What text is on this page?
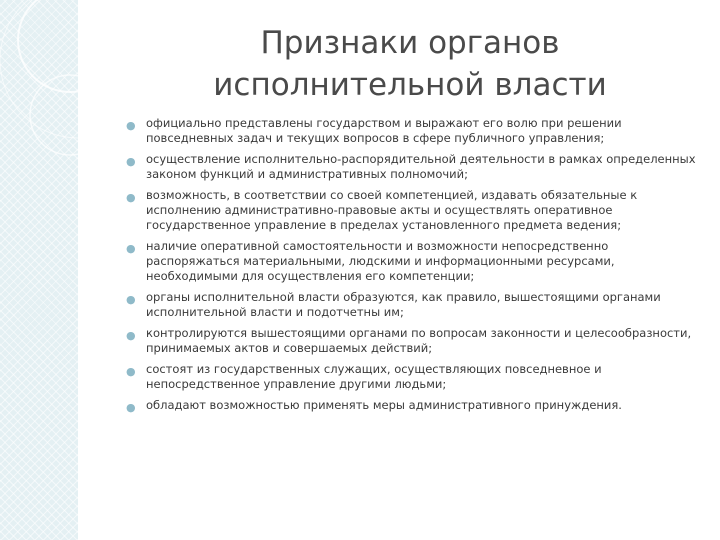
Признаки органов
исполнительной власти
● официально представлены государством и выражают его волю при решении повседневных задач и текущих вопросов в сфере публичного управления;
● осуществление исполнительно-распорядительной деятельности в рамках определенных законом функций и административных полномочий;
● возможность, в соответствии со своей компетенцией, издавать обязательные к исполнению административно-правовые акты и осуществлять оперативное государственное управление в пределах установленного предмета ведения;
● наличие оперативной самостоятельности и возможности непосредственно распоряжаться материальными, людскими и информационными ресурсами, необходимыми для осуществления его компетенции;
● органы исполнительной власти образуются, как правило, вышестоящими органами исполнительной власти и подотчетны им;
● контролируются вышестоящими органами по вопросам законности и целесообразности, принимаемых актов и совершаемых действий;
● состоят из государственных служащих, осуществляющих повседневное и непосредственное управление другими людьми;
● обладают возможностью применять меры административного принуждения.
